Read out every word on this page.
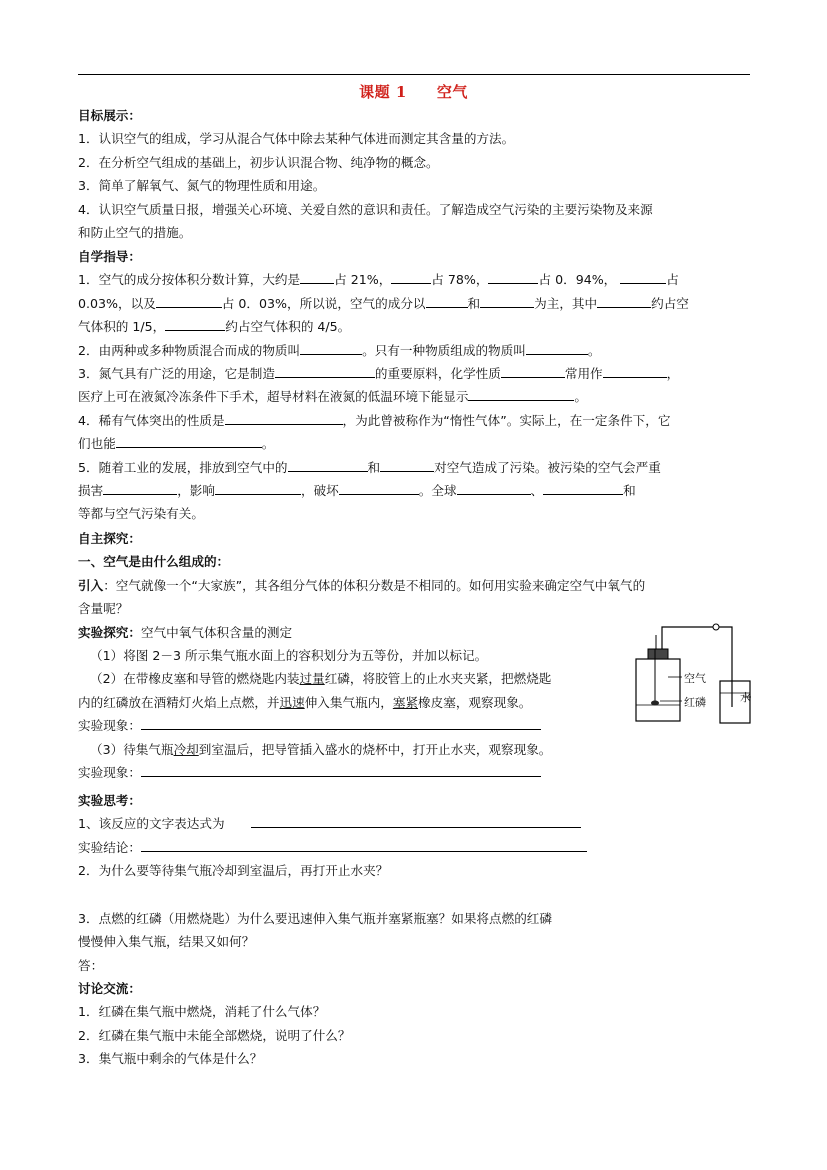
课题 1 空气
目标展示：
1．认识空气的组成，学习从混合气体中除去某种气体进而测定其含量的方法。
2．在分析空气组成的基础上，初步认识混合物、纯净物的概念。
3．简单了解氧气、氮气的物理性质和用途。
4．认识空气质量日报，增强关心环境、关爱自然的意识和责任。了解造成空气污染的主要污染物及来源
和防止空气的措施。
自学指导：
1．空气的成分按体积分数计算，大约是	占 21%，	占 78%，	占 0．94%，	占
0.03%，以及	占 0．03%，所以说，空气的成分以	和	为主，其中	约占空
气体积的 1/5，	约占空气体积的 4/5。
2．由两种或多种物质混合而成的物质叫	。只有一种物质组成的物质叫	。
3．氮气具有广泛的用途，它是制造	的重要原料，化学性质	常用作	，
医疗上可在液氮冷冻条件下手术，超导材料在液氮的低温环境下能显示	。
4．稀有气体突出的性质是	，为此曾被称作为“惰性气体”。实际上，在一定条件下，它
们也能	。
5．随着工业的发展，排放到空气中的	和	对空气造成了污染。被污染的空气会严重
损害	，影响	，破坏	。全球	、	和
等都与空气污染有关。
自主探究：
一、空气是由什么组成的：
引入：空气就像一个“大家族”，其各组分气体的体积分数是不相同的。如何用实验来确定空气中氧气的
含量呢？
实验探究：空气中氧气体积含量的测定
（1）将图 2－3 所示集气瓶水面上的容积划分为五等份，并加以标记。
（2）在带橡皮塞和导管的燃烧匙内装过量红磷，将胶管上的止水夹夹紧，把燃烧匙
内的红磷放在酒精灯火焰上点燃，并迅速伸入集气瓶内，塞紧橡皮塞，观察现象。
实验现象：
（3）待集气瓶冷却到室温后，把导管插入盛水的烧杯中，打开止水夹，观察现象。
实验现象：
空气
红磷	水
实验思考：
1、该反应的文字表达式为
实验结论：
2．为什么要等待集气瓶冷却到室温后，再打开止水夹？
3．点燃的红磷（用燃烧匙）为什么要迅速伸入集气瓶并塞紧瓶塞？如果将点燃的红磷
慢慢伸入集气瓶，结果又如何？
答：
讨论交流：
1．红磷在集气瓶中燃烧，消耗了什么气体？
2．红磷在集气瓶中未能全部燃烧，说明了什么？
3．集气瓶中剩余的气体是什么？
